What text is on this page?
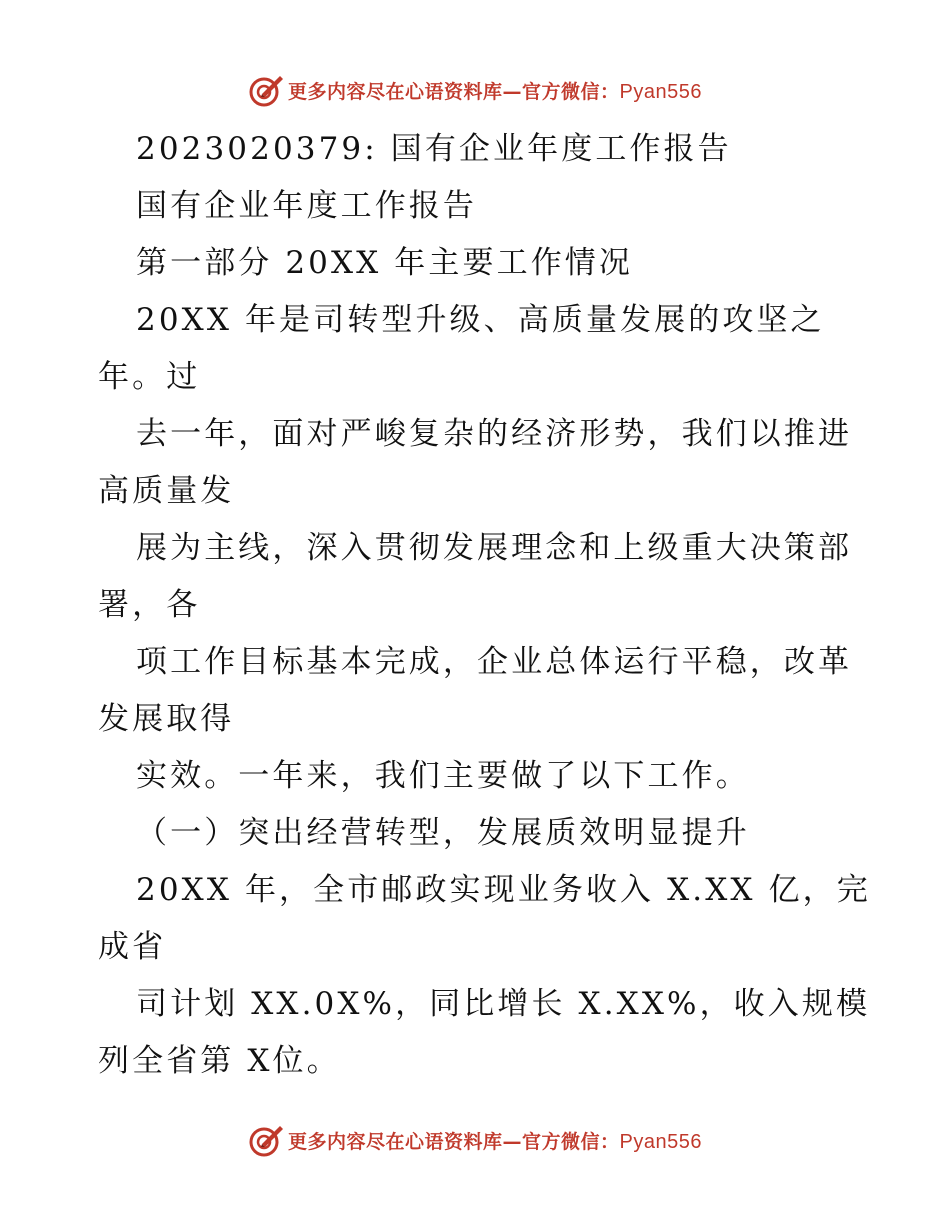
更多内容尽在心语资料库—官方微信：Pyan556
2023020379: 国有企业年度工作报告
国有企业年度工作报告
第一部分 20XX 年主要工作情况
20XX 年是司转型升级、高质量发展的攻坚之
年。过
去一年，面对严峻复杂的经济形势，我们以推进
高质量发
展为主线，深入贯彻发展理念和上级重大决策部
署，各
项工作目标基本完成，企业总体运行平稳，改革
发展取得
实效。一年来，我们主要做了以下工作。
（一）突出经营转型，发展质效明显提升
20XX 年，全市邮政实现业务收入 X.XX 亿，完
成省
司计划 XX.0X%，同比增长 X.XX%，收入规模
列全省第 X位。
更多内容尽在心语资料库—官方微信：Pyan556
